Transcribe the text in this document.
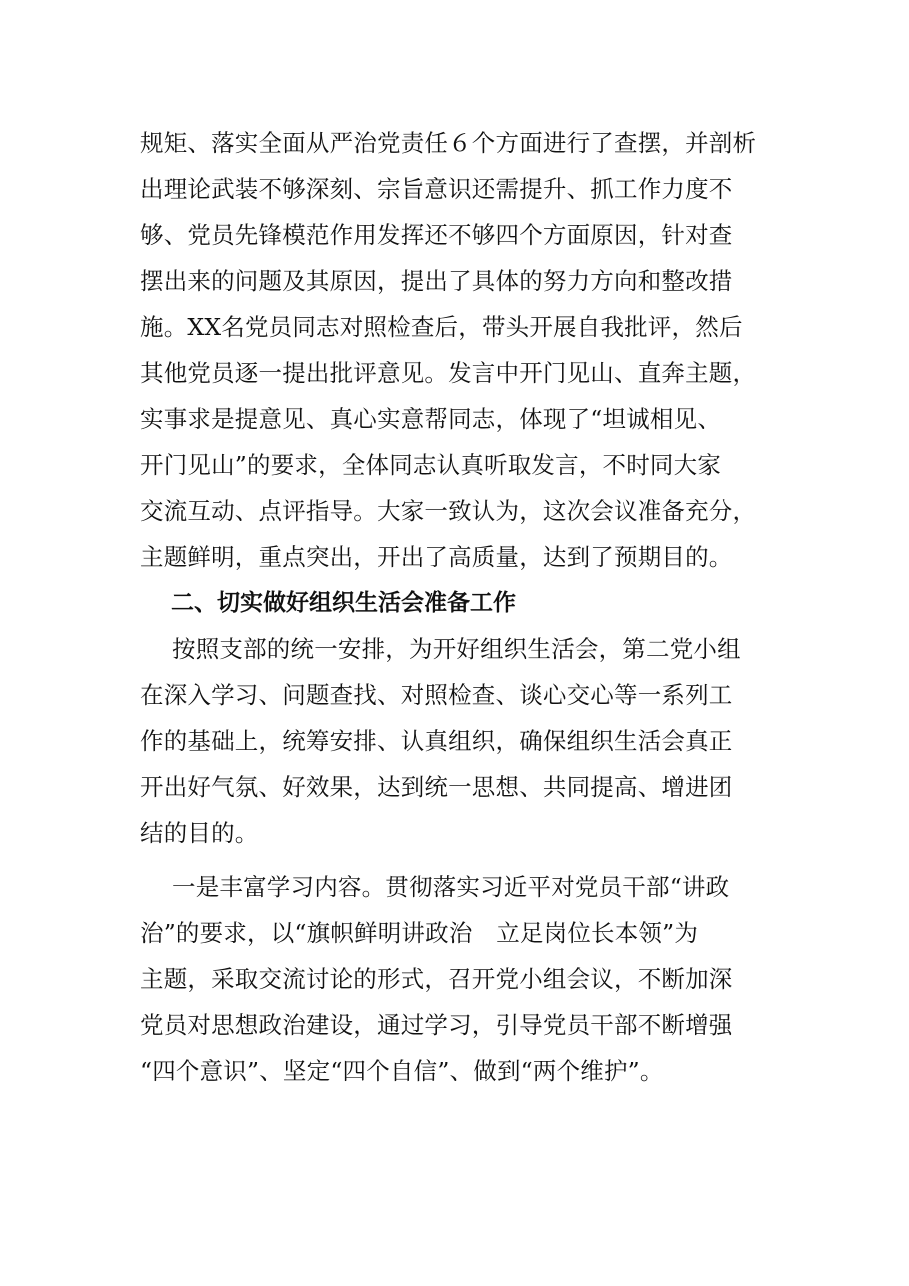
规矩、落实全面从严治党责任６个方面进行了查摆，并剖析
出理论武装不够深刻、宗旨意识还需提升、抓工作力度不
够、党员先锋模范作用发挥还不够四个方面原因，针对查
摆出来的问题及其原因，提出了具体的努力方向和整改措
施。XX名党员同志对照检查后，带头开展自我批评，然后
其他党员逐一提出批评意见。发言中开门见山、直奔主题，
实事求是提意见、真心实意帮同志，体现了“坦诚相见、
开门见山”的要求，全体同志认真听取发言，不时同大家
交流互动、点评指导。大家一致认为，这次会议准备充分，
主题鲜明，重点突出，开出了高质量，达到了预期目的。
二、切实做好组织生活会准备工作
按照支部的统一安排，为开好组织生活会，第二党小组
在深入学习、问题查找、对照检查、谈心交心等一系列工
作的基础上，统筹安排、认真组织，确保组织生活会真正
开出好气氛、好效果，达到统一思想、共同提高、增进团
结的目的。
一是丰富学习内容。贯彻落实习近平对党员干部“讲政
治”的要求，以“旗帜鲜明讲政治　立足岗位长本领”为
主题，采取交流讨论的形式，召开党小组会议，不断加深
党员对思想政治建设，通过学习，引导党员干部不断增强
“四个意识”、坚定“四个自信”、做到“两个维护”。
